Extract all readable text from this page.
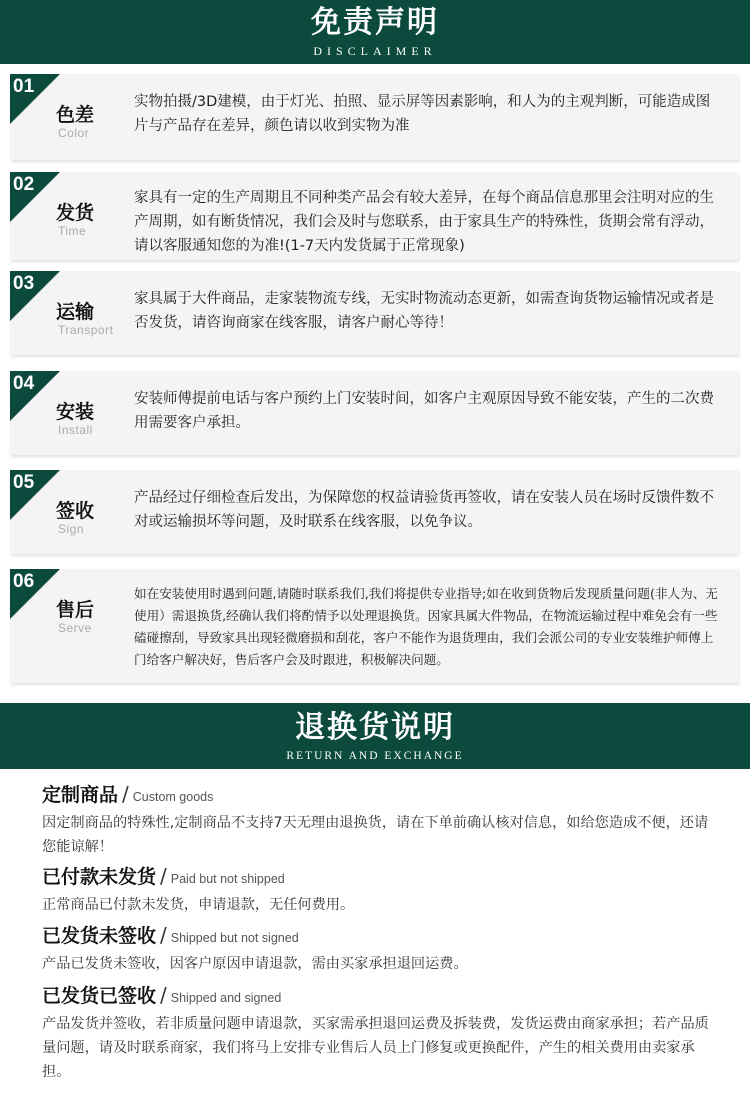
免责声明
DISCLAIMER
01
色差
Color
实物拍摄/3D建模，由于灯光、拍照、显示屏等因素影响，和人为的主观判断，可能造成图片与产品存在差异，颜色请以收到实物为准
02
发货
Time
家具有一定的生产周期且不同种类产品会有较大差异，在每个商品信息那里会注明对应的生产周期，如有断货情况，我们会及时与您联系，由于家具生产的特殊性，货期会常有浮动，请以客服通知您的为准!(1-7天内发货属于正常现象)
03
运输
Transport
家具属于大件商品，走家装物流专线，无实时物流动态更新，如需查询货物运输情况或者是否发货，请咨询商家在线客服，请客户耐心等待！
04
安装
Install
安装师傅提前电话与客户预约上门安装时间，如客户主观原因导致不能安装，产生的二次费用需要客户承担。
05
签收
Sign
产品经过仔细检查后发出，为保障您的权益请验货再签收，请在安装人员在场时反馈件数不对或运输损坏等问题，及时联系在线客服，以免争议。
06
售后
Serve
如在安装使用时遇到问题,请随时联系我们,我们将提供专业指导;如在收到货物后发现质量问题(非人为、无使用）需退换货,经确认我们将酌情予以处理退换货。因家具属大件物品，在物流运输过程中难免会有一些磕碰擦刮，导致家具出现轻微磨损和刮花，客户不能作为退货理由，我们会派公司的专业安装维护师傅上门给客户解决好，售后客户会及时跟进，积极解决问题。
退换货说明
RETURN AND EXCHANGE
定制商品 / Custom goods
因定制商品的特殊性,定制商品不支持7天无理由退换货，请在下单前确认核对信息，如给您造成不便，还请您能谅解！
已付款未发货 / Paid but not shipped
正常商品已付款未发货，申请退款，无任何费用。
已发货未签收 / Shipped but not signed
产品已发货未签收，因客户原因申请退款，需由买家承担退回运费。
已发货已签收 / Shipped and signed
产品发货并签收，若非质量问题申请退款，买家需承担退回运费及拆装费，发货运费由商家承担；若产品质量问题，请及时联系商家，我们将马上安排专业售后人员上门修复或更换配件，产生的相关费用由卖家承担。
